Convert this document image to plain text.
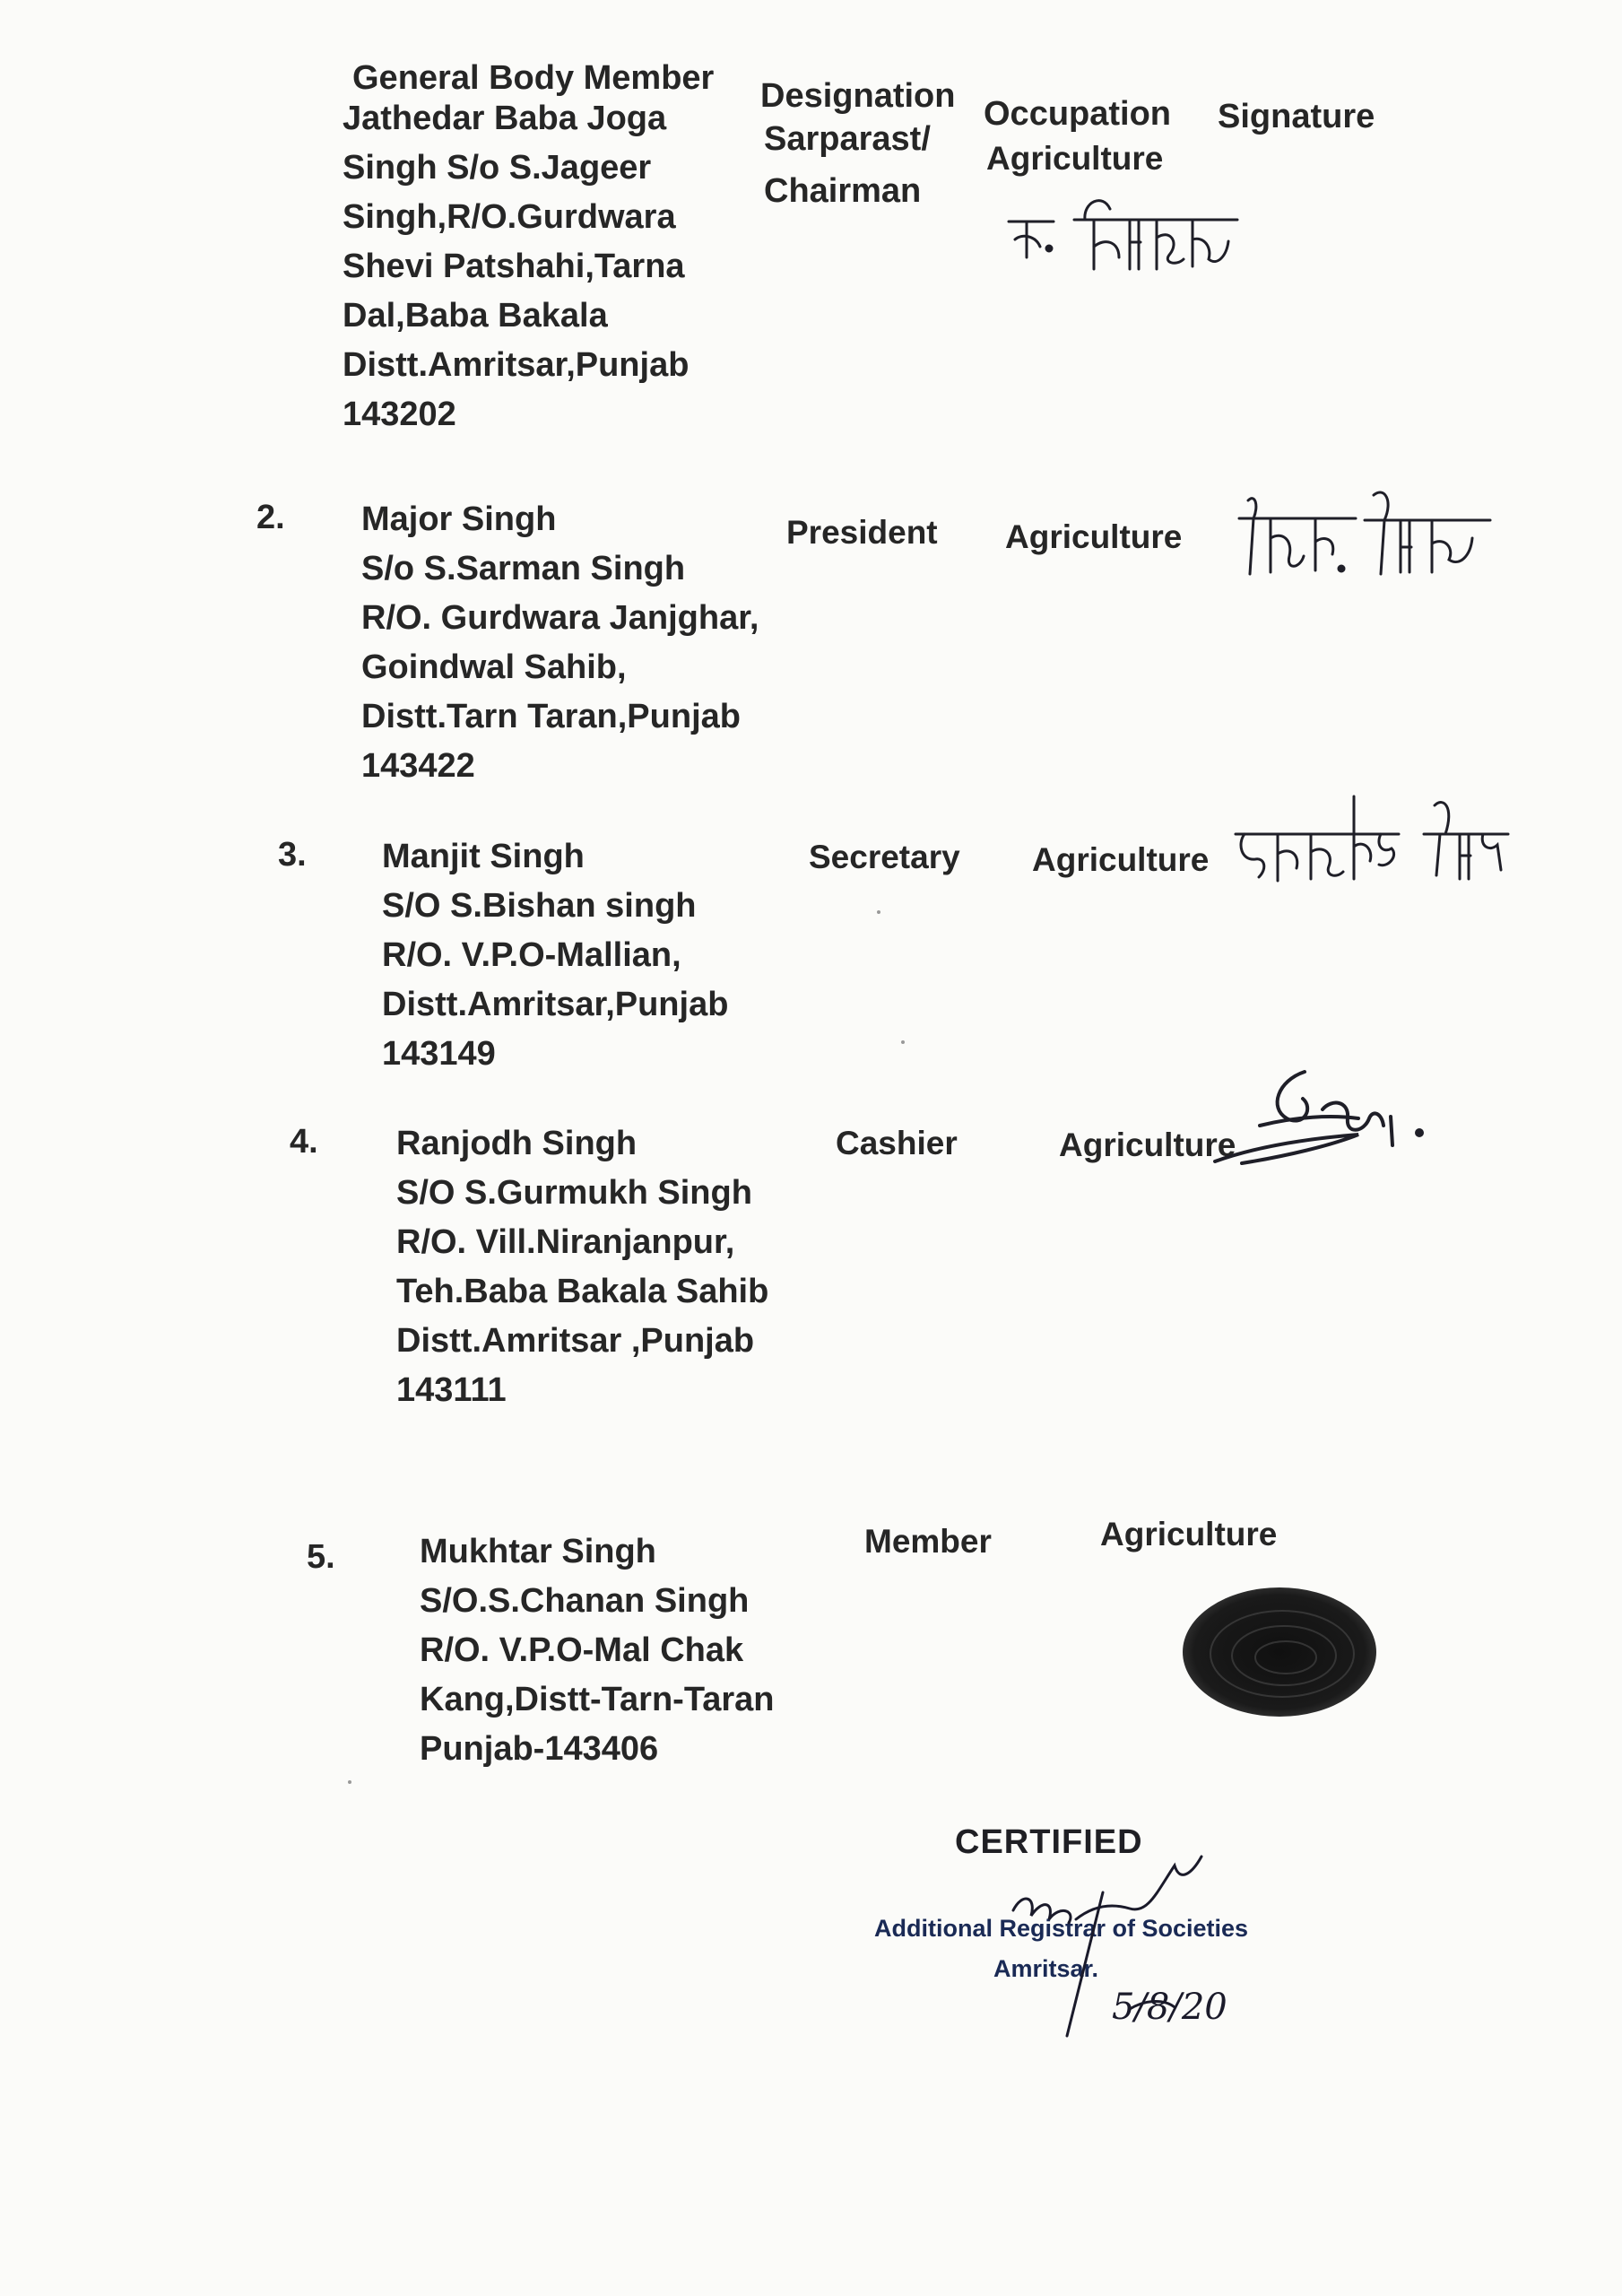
General Body Member Designation Occupation Signature
Jathedar Baba Joga
Singh S/o S.Jageer
Singh,R/O.Gurdwara
Shevi Patshahi,Tarna
Dal,Baba Bakala
Distt.Amritsar,Punjab
143202
Sarparast/
Chairman
Agriculture
2. Major Singh
S/o S.Sarman Singh
R/O. Gurdwara Janjghar,
Goindwal Sahib,
Distt.Tarn Taran,Punjab
143422
President Agriculture
3. Manjit Singh
S/O S.Bishan singh
R/O. V.P.O-Mallian,
Distt.Amritsar,Punjab
143149
Secretary Agriculture
4. Ranjodh Singh
S/O S.Gurmukh Singh
R/O. Vill.Niranjanpur,
Teh.Baba Bakala Sahib
Distt.Amritsar ,Punjab
143111
Cashier	Agriculture
5. Mukhtar Singh
S/O.S.Chanan Singh
R/O. V.P.O-Mal Chak
Kang,Distt-Tarn-Taran
Punjab-143406
Member	Agriculture
CERTIFIED
Additional Registrar of Societies
Amritsar.
5/8/20
